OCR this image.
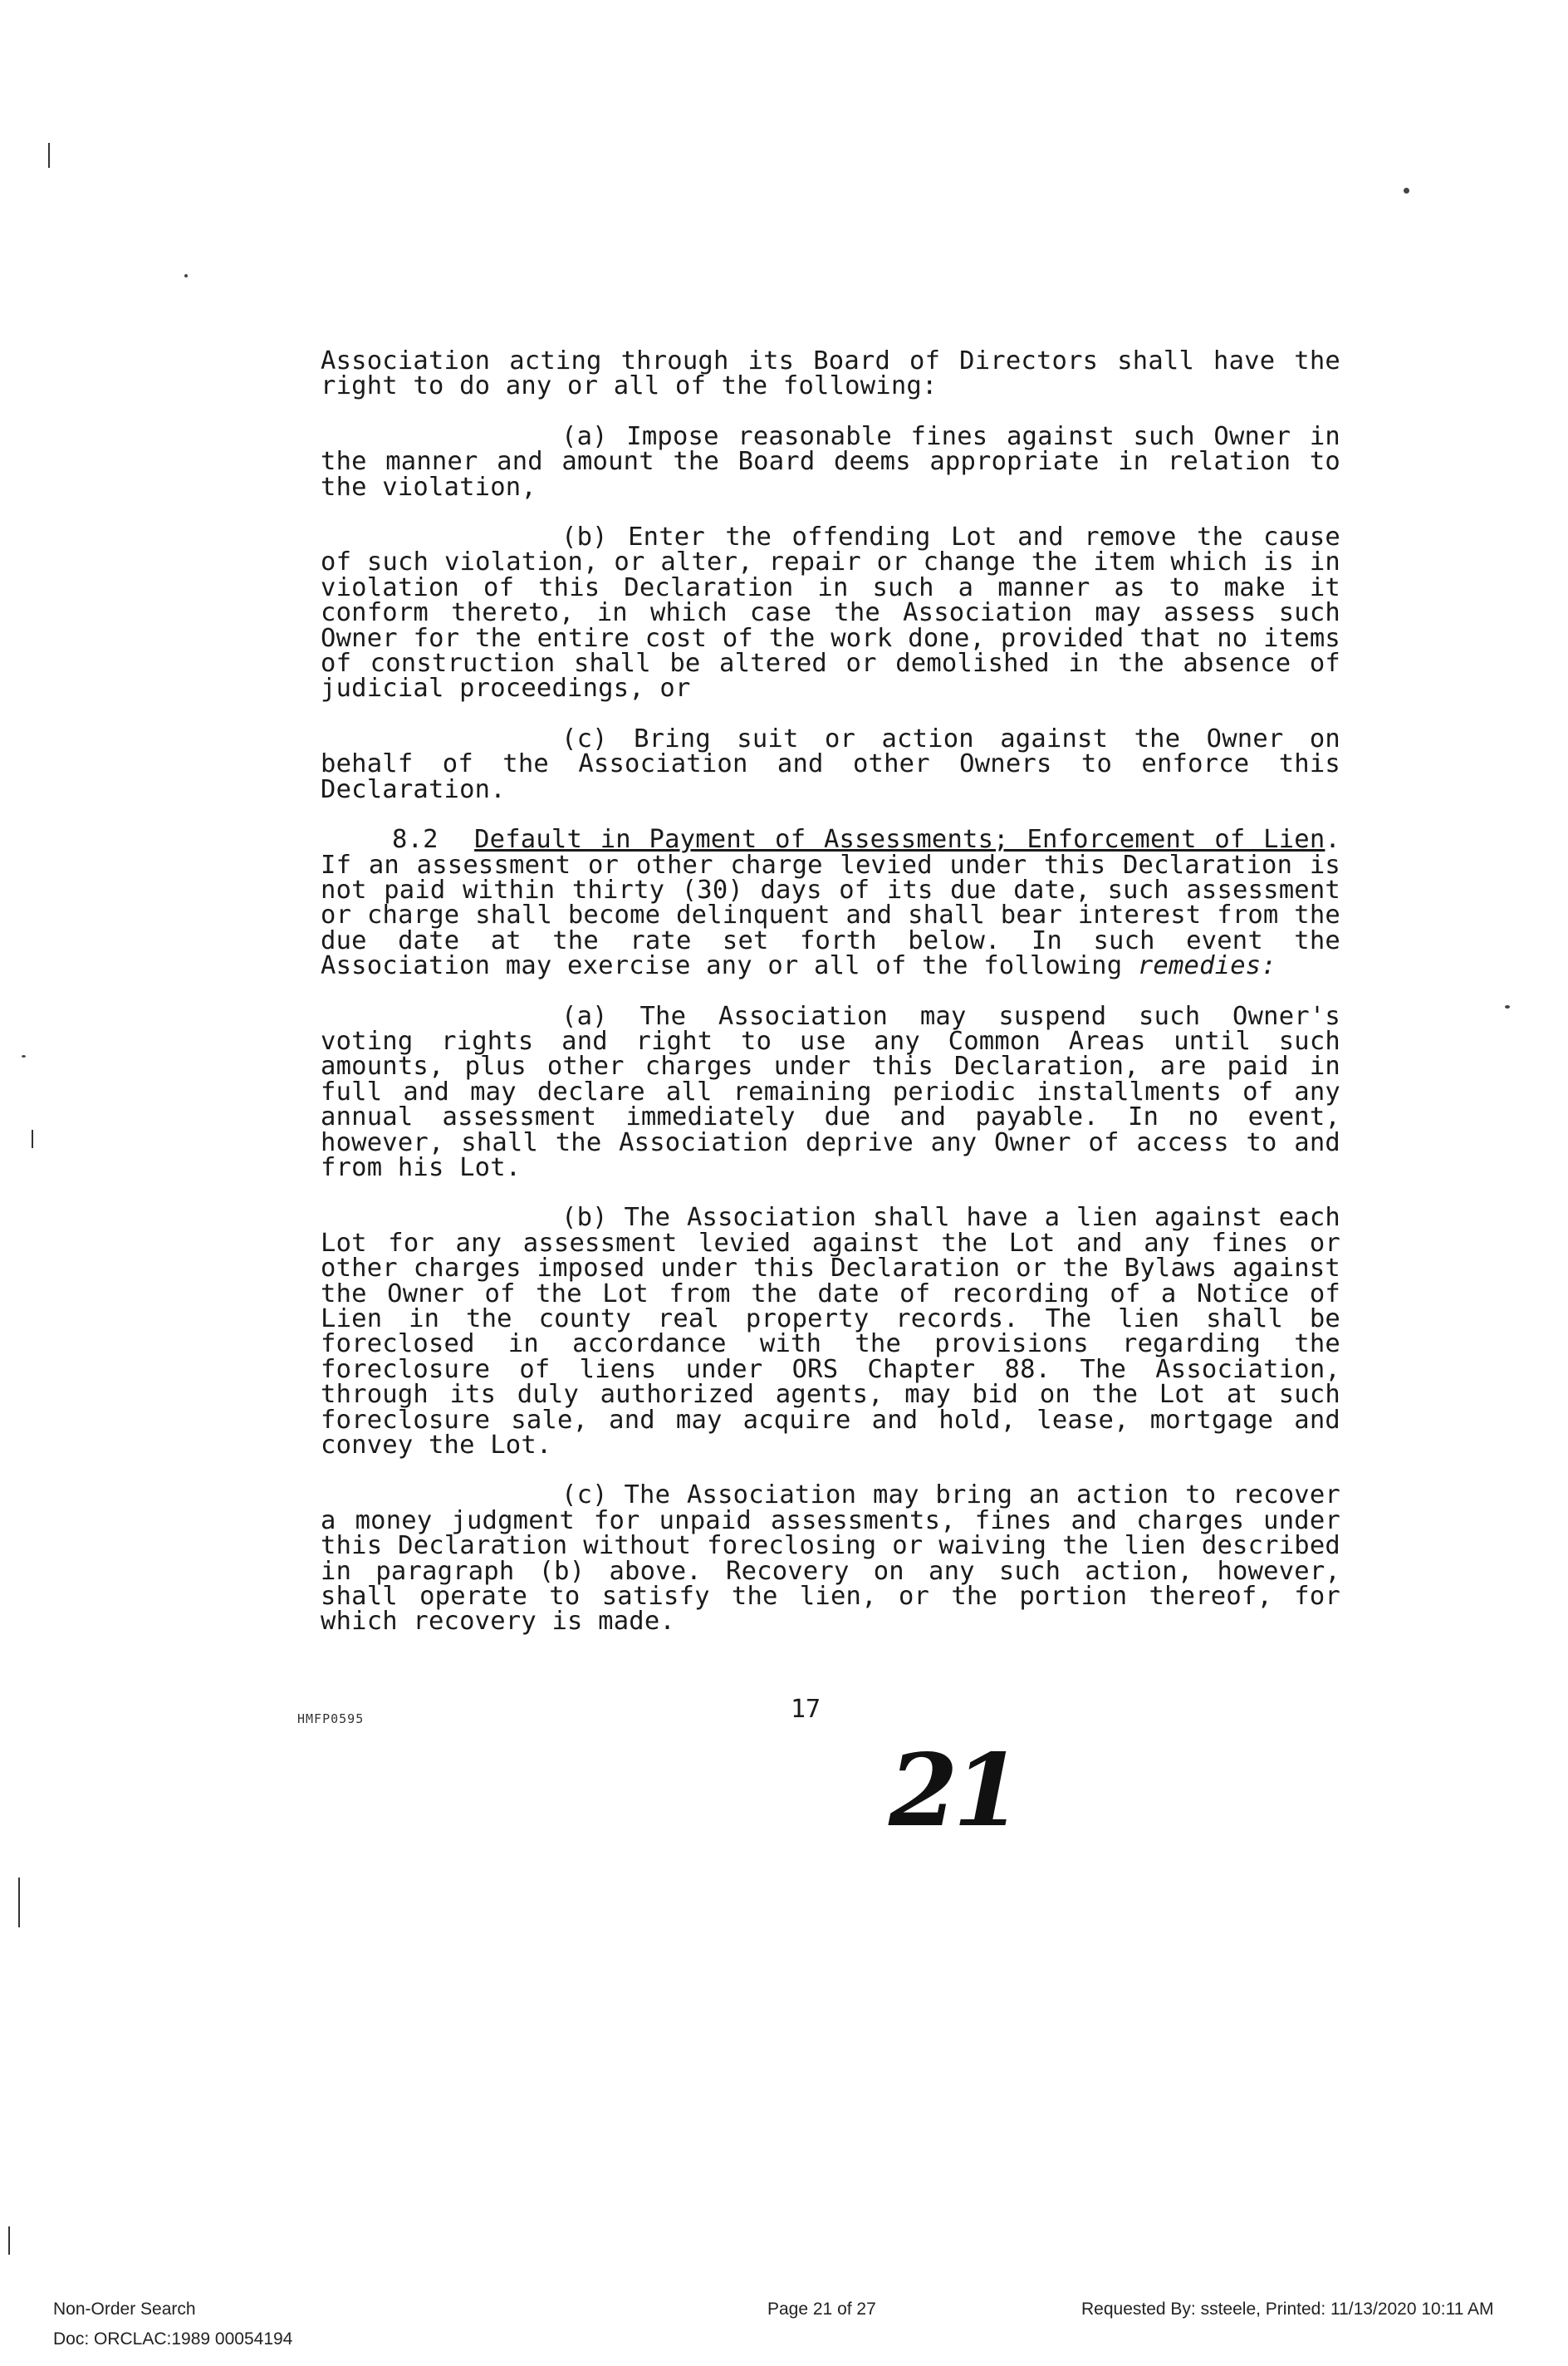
Association acting through its Board of Directors shall have the right to do any or all of the following:

(a) Impose reasonable fines against such Owner in the manner and amount the Board deems appropriate in relation to the violation,

(b) Enter the offending Lot and remove the cause of such violation, or alter, repair or change the item which is in violation of this Declaration in such a manner as to make it conform thereto, in which case the Association may assess such Owner for the entire cost of the work done, provided that no items of construction shall be altered or demolished in the absence of judicial proceedings, or

(c) Bring suit or action against the Owner on behalf of the Association and other Owners to enforce this Declaration.

8.2 Default in Payment of Assessments; Enforcement of Lien. If an assessment or other charge levied under this Declaration is not paid within thirty (30) days of its due date, such assessment or charge shall become delinquent and shall bear interest from the due date at the rate set forth below. In such event the Association may exercise any or all of the following remedies:

(a) The Association may suspend such Owner's voting rights and right to use any Common Areas until such amounts, plus other charges under this Declaration, are paid in full and may declare all remaining periodic installments of any annual assessment immediately due and payable. In no event, however, shall the Association deprive any Owner of access to and from his Lot.

(b) The Association shall have a lien against each Lot for any assessment levied against the Lot and any fines or other charges imposed under this Declaration or the Bylaws against the Owner of the Lot from the date of recording of a Notice of Lien in the county real property records. The lien shall be foreclosed in accordance with the provisions regarding the foreclosure of liens under ORS Chapter 88. The Association, through its duly authorized agents, may bid on the Lot at such foreclosure sale, and may acquire and hold, lease, mortgage and convey the Lot.

(c) The Association may bring an action to recover a money judgment for unpaid assessments, fines and charges under this Declaration without foreclosing or waiving the lien described in paragraph (b) above. Recovery on any such action, however, shall operate to satisfy the lien, or the portion thereof, for which recovery is made.

HMFP0595	17
21
Non-Order Search
Doc: ORCLAC:1989 00054194
Page 21 of 27	Requested By: ssteele, Printed: 11/13/2020 10:11 AM
